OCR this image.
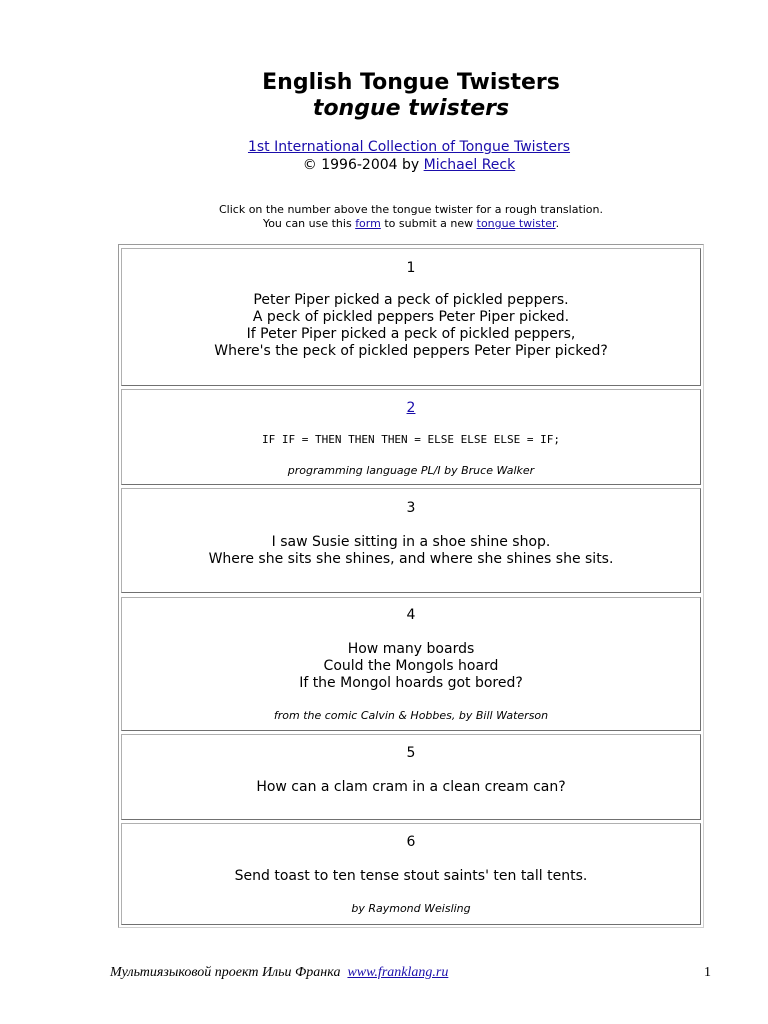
English Tongue Twisters
tongue twisters
1st International Collection of Tongue Twisters
© 1996-2004 by Michael Reck
Click on the number above the tongue twister for a rough translation.
You can use this form to submit a new tongue twister.
1
Peter Piper picked a peck of pickled peppers.
A peck of pickled peppers Peter Piper picked.
If Peter Piper picked a peck of pickled peppers,
Where's the peck of pickled peppers Peter Piper picked?
2
IF IF = THEN THEN THEN = ELSE ELSE ELSE = IF;
programming language PL/I by Bruce Walker
3
I saw Susie sitting in a shoe shine shop.
Where she sits she shines, and where she shines she sits.
4
How many boards
Could the Mongols hoard
If the Mongol hoards got bored?
from the comic Calvin & Hobbes, by Bill Waterson
5
How can a clam cram in a clean cream can?
6
Send toast to ten tense stout saints' ten tall tents.
by Raymond Weisling
Мультиязыковой проект Ильи Франка  www.franklang.ru	1
